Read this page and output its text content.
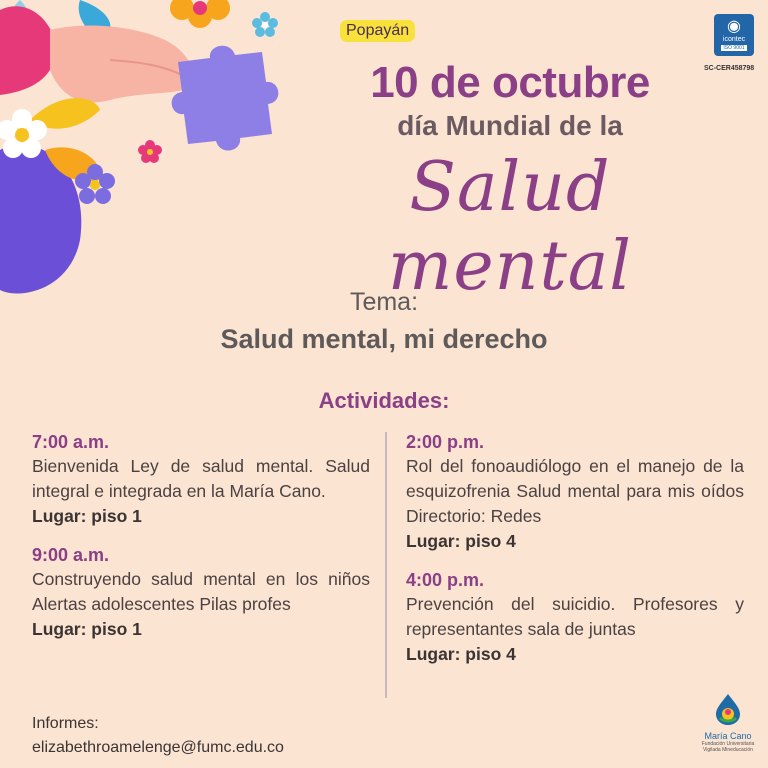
Popayán
10 de octubre
día Mundial de la
Salud mental
◉
icontec
ISO 9001
SC-CER458798
Tema:
Salud mental, mi derecho
Actividades:
7:00 a.m.
Bienvenida Ley de salud mental. Salud integral e integrada en la María Cano.
Lugar: piso 1
9:00 a.m.
Construyendo salud mental en los niños Alertas adolescentes Pilas profes
Lugar: piso 1
2:00 p.m.
Rol del fonoaudiólogo en el manejo de la esquizofrenia Salud mental para mis oídos Directorio: Redes
Lugar: piso 4
4:00 p.m.
Prevención del suicidio. Profesores y representantes sala de juntas
Lugar: piso 4
Informes:
elizabethroamelenge@fumc.edu.co
María Cano
Fundación Universitaria
Vigilada Mineducación
